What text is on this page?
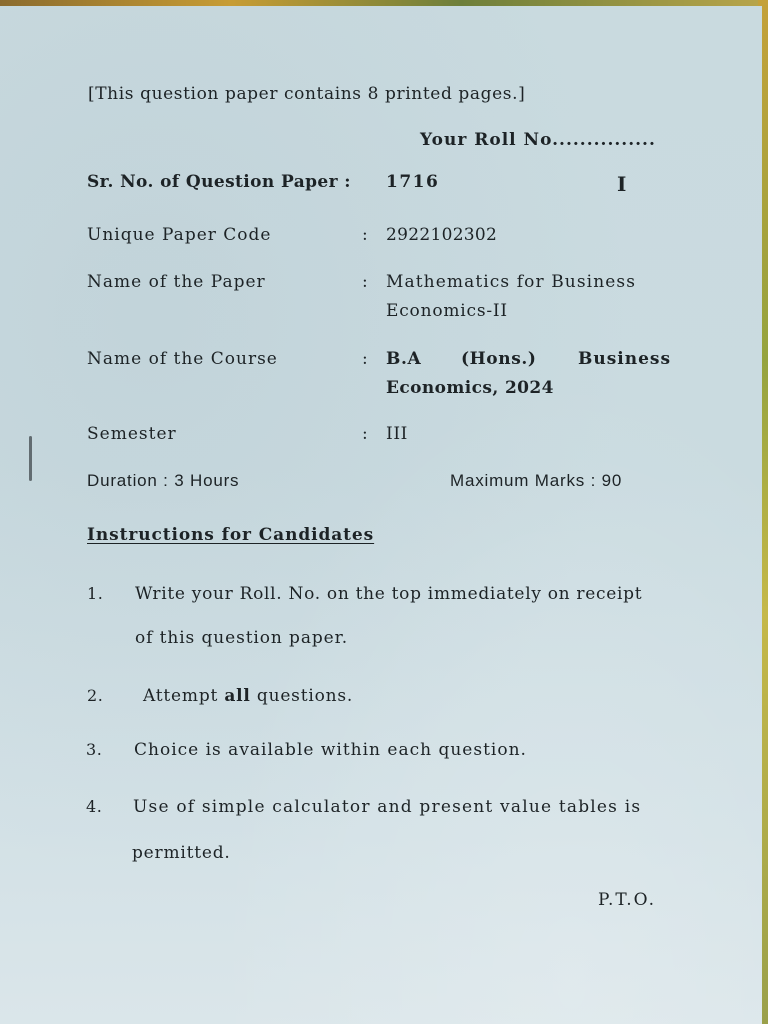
[This question paper contains 8 printed pages.]
Your Roll No...............
Sr. No. of Question Paper : 1716	I
Unique Paper Code	: 2922102302
Name of the Paper	: Mathematics for Business
Economics-II
Name of the Course	: B.A (Hons.) Business
Economics, 2024
Semester	: III
Duration : 3 Hours	Maximum Marks : 90
Instructions for Candidates
1. Write your Roll. No. on the top immediately on receipt
of this question paper.
2. Attempt all questions.
3. Choice is available within each question.
4. Use of simple calculator and present value tables is
permitted.
P.T.O.
